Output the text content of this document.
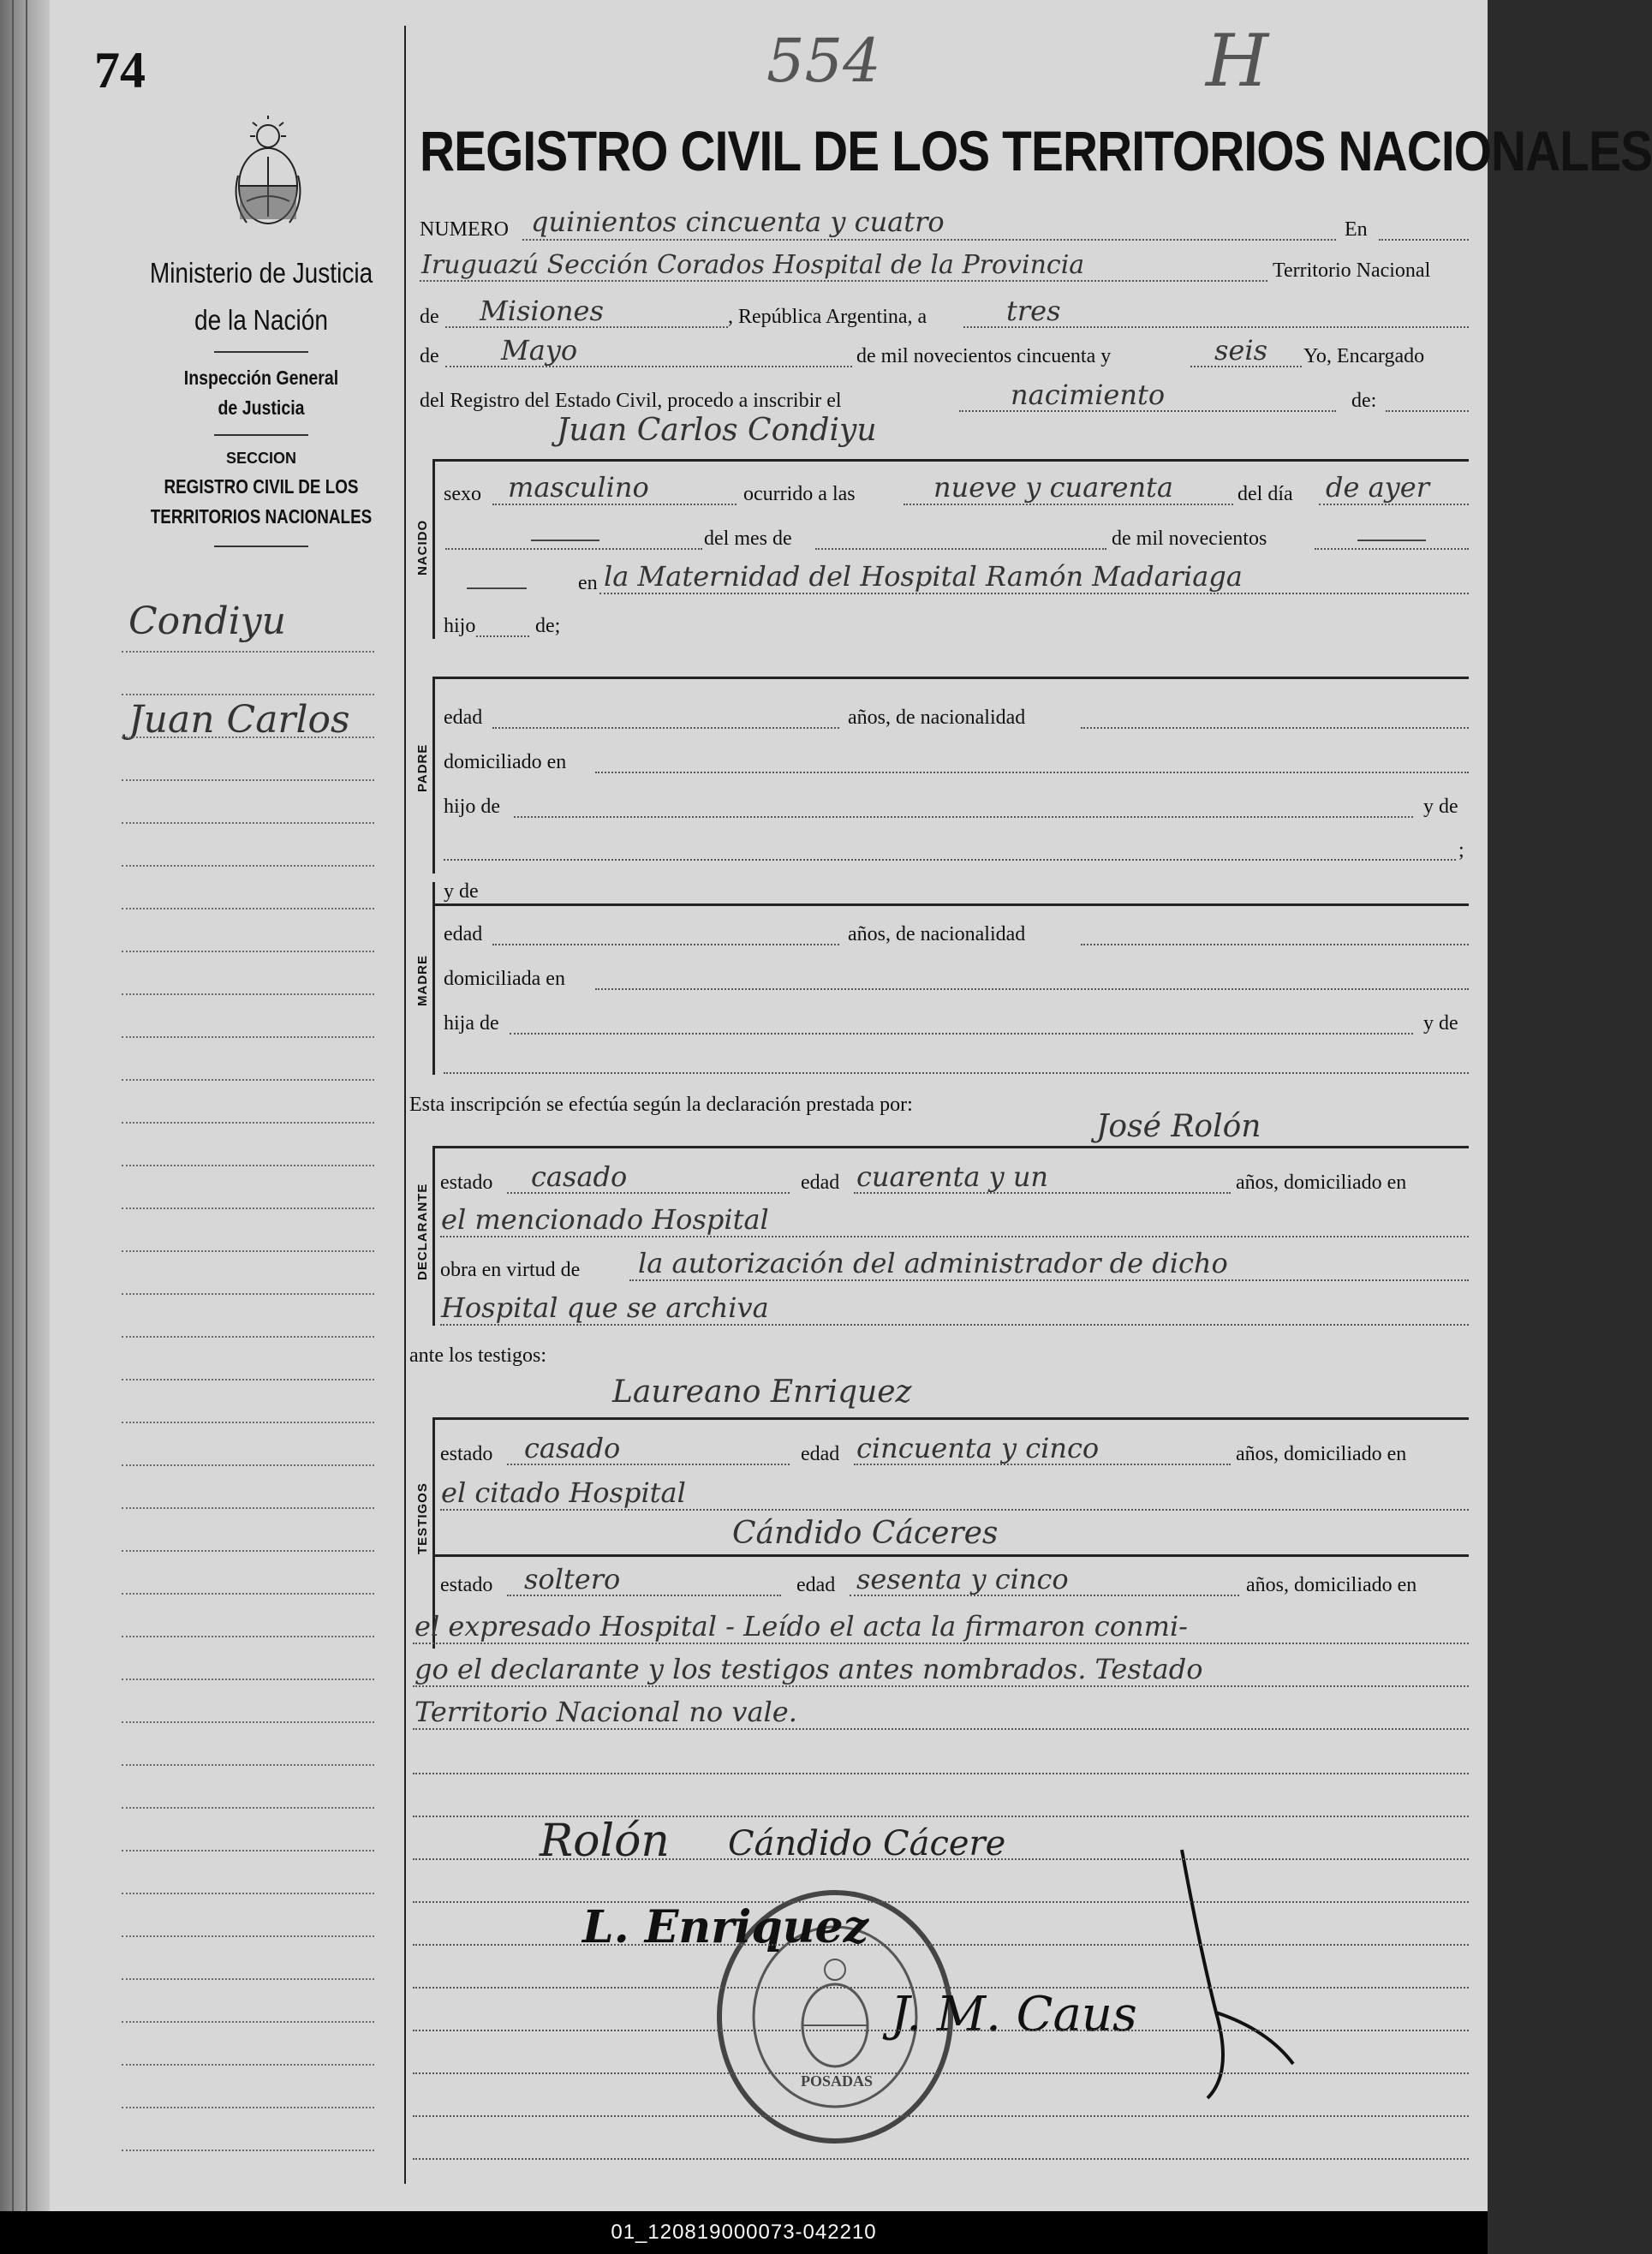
74	554	H
Ministerio de Justicia
de la Nación
Inspección General
de Justicia
SECCION
REGISTRO CIVIL DE LOS
TERRITORIOS NACIONALES
Condiyu
Juan Carlos
REGISTRO CIVIL DE LOS TERRITORIOS NACIONALES
NUMERO quinientos cincuenta y cuatro	En
Iruguazú Sección Corados Hospital de la Provincia	Territorio Nacional
de Misiones	, República Argentina, a	tres
de Mayo	de mil novecientos cincuenta y	seis Yo, Encargado
del Registro del Estado Civil, procedo a inscribir el	nacimiento	de:
Juan Carlos Condiyu
NACIDO
sexo masculino	ocurrido a las	nueve y cuarenta	del día de ayer
del mes de	de mil novecientos
en la Maternidad del Hospital Ramón Madariaga
hijo	de;
PADRE
edad	años, de nacionalidad
domiciliado en
hijo de	y de
;
MADRE
y de
edad	años, de nacionalidad
domiciliada en
hija de	y de
Esta inscripción se efectúa según la declaración prestada por:
José Rolón
DECLARANTE
estado casado	edad cuarenta y un	años, domiciliado en
el mencionado Hospital
obra en virtud de la autorización del administrador de dicho
Hospital que se archiva
ante los testigos:
Laureano Enriquez
TESTIGOS
estado casado	edad cincuenta y cinco	años, domiciliado en
el citado Hospital
Cándido Cáceres
estado soltero	edad sesenta y cinco	años, domiciliado en
el expresado Hospital - Leído el acta la firmaron conmi-
go el declarante y los testigos antes nombrados. Testado
Territorio Nacional no vale.
POSADAS
Rolón Cándido Cácere
L. Enriquez
J. M. Caus
01_120819000073-042210
